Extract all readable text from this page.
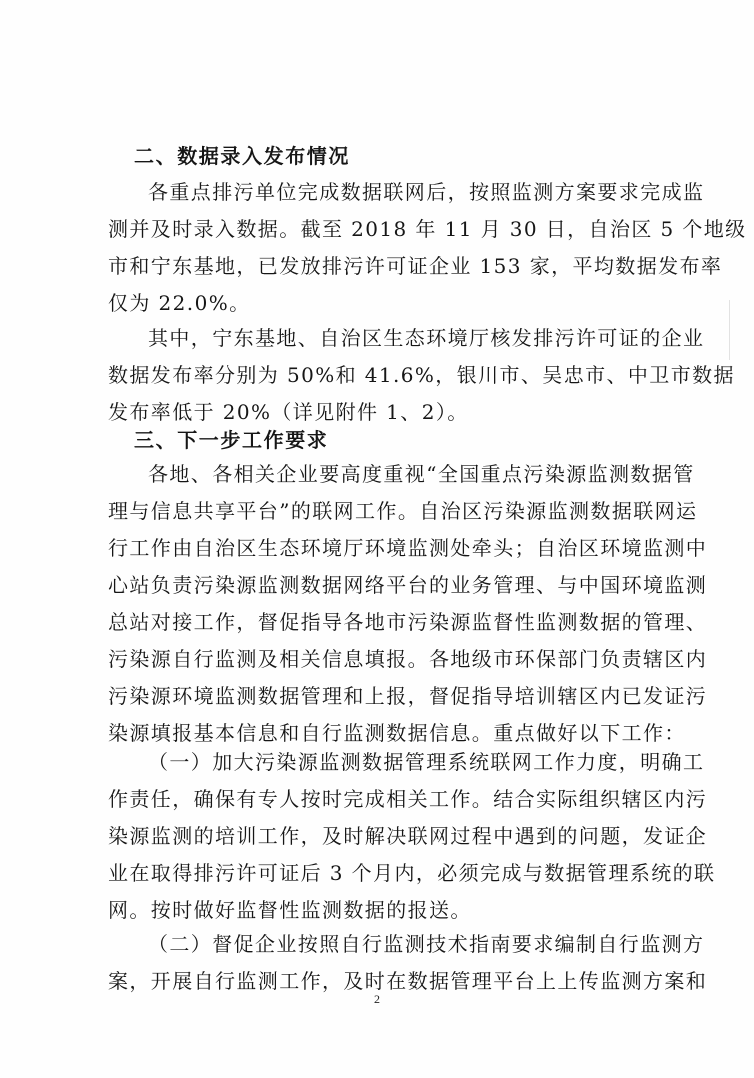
二、数据录入发布情况
各重点排污单位完成数据联网后，按照监测方案要求完成监
测并及时录入数据。截至 2018 年 11 月 30 日，自治区 5 个地级
市和宁东基地，已发放排污许可证企业 153 家，平均数据发布率
仅为 22.0%。
其中，宁东基地、自治区生态环境厅核发排污许可证的企业
数据发布率分别为 50%和 41.6%，银川市、吴忠市、中卫市数据
发布率低于 20%（详见附件 1、2）。
三、下一步工作要求
各地、各相关企业要高度重视“全国重点污染源监测数据管
理与信息共享平台”的联网工作。自治区污染源监测数据联网运
行工作由自治区生态环境厅环境监测处牵头；自治区环境监测中
心站负责污染源监测数据网络平台的业务管理、与中国环境监测
总站对接工作，督促指导各地市污染源监督性监测数据的管理、
污染源自行监测及相关信息填报。各地级市环保部门负责辖区内
污染源环境监测数据管理和上报，督促指导培训辖区内已发证污
染源填报基本信息和自行监测数据信息。重点做好以下工作：
（一）加大污染源监测数据管理系统联网工作力度，明确工
作责任，确保有专人按时完成相关工作。结合实际组织辖区内污
染源监测的培训工作，及时解决联网过程中遇到的问题，发证企
业在取得排污许可证后 3 个月内，必须完成与数据管理系统的联
网。按时做好监督性监测数据的报送。
（二）督促企业按照自行监测技术指南要求编制自行监测方
案，开展自行监测工作，及时在数据管理平台上上传监测方案和
2
